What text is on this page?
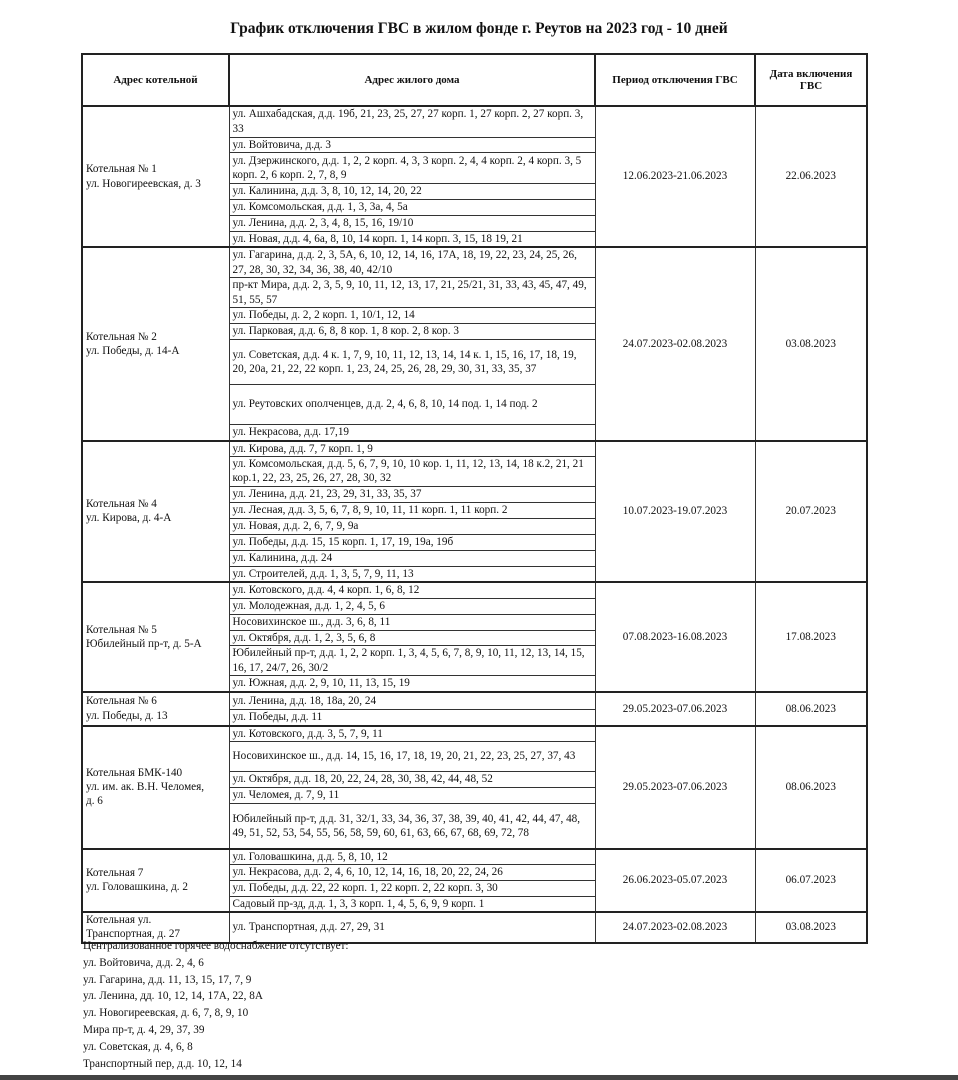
График отключения ГВС в жилом фонде г. Реутов на 2023 год - 10 дней
Адрес котельной	Адрес жилого дома	Период отключения ГВС	Дата включения ГВС
Котельная № 1
ул. Новогиреевская, д. 3	ул. Ашхабадская, д.д. 19б, 21, 23, 25, 27, 27 корп. 1, 27 корп. 2, 27 корп. 3, 33	12.06.2023-21.06.2023	22.06.2023
	ул. Войтовича, д.д. 3		
	ул. Дзержинского, д.д. 1, 2, 2 корп. 4, 3, 3 корп. 2, 4, 4 корп. 2, 4 корп. 3, 5 корп. 2, 6 корп. 2, 7, 8, 9		
	ул. Калинина, д.д. 3, 8, 10, 12, 14, 20, 22		
	ул. Комсомольская, д.д. 1, 3, 3а, 4, 5а		
	ул. Ленина, д.д. 2, 3, 4, 8, 15, 16, 19/10		
	ул. Новая, д.д. 4, 6а, 8, 10, 14 корп. 1, 14 корп. 3, 15, 18 19, 21		
Котельная № 2
ул. Победы, д. 14-А	ул. Гагарина, д.д. 2, 3, 5А, 6, 10, 12, 14, 16, 17А, 18, 19, 22, 23, 24, 25, 26, 27, 28, 30, 32, 34, 36, 38, 40, 42/10	24.07.2023-02.08.2023	03.08.2023
	пр-кт Мира, д.д. 2, 3, 5, 9, 10, 11, 12, 13, 17, 21, 25/21, 31, 33, 43, 45, 47, 49, 51, 55, 57		
	ул. Победы, д. 2, 2 корп. 1, 10/1, 12, 14		
	ул. Парковая, д.д. 6, 8, 8 кор. 1, 8 кор. 2, 8 кор. 3		
	ул. Советская, д.д. 4 к. 1, 7, 9, 10, 11, 12, 13, 14, 14 к. 1, 15, 16, 17, 18, 19, 20, 20а, 21, 22, 22 корп. 1, 23, 24, 25, 26, 28, 29, 30, 31, 33, 35, 37		
	ул. Реутовских ополченцев, д.д. 2, 4, 6, 8, 10, 14 под. 1, 14 под. 2		
	ул. Некрасова, д.д. 17,19		
Котельная № 4
ул. Кирова, д. 4-А	ул. Кирова, д.д. 7, 7 корп. 1, 9	10.07.2023-19.07.2023	20.07.2023
	ул. Комсомольская, д.д. 5, 6, 7, 9, 10, 10 кор. 1, 11, 12, 13, 14, 18 к.2, 21, 21 кор.1, 22, 23, 25, 26, 27, 28, 30, 32		
	ул. Ленина, д.д. 21, 23, 29, 31, 33, 35, 37		
	ул. Лесная, д.д. 3, 5, 6, 7, 8, 9, 10, 11, 11 корп. 1, 11 корп. 2		
	ул. Новая, д.д. 2, 6, 7, 9, 9а		
	ул. Победы, д.д. 15, 15 корп. 1, 17, 19, 19а, 19б		
	ул. Калинина, д.д. 24		
	ул. Строителей, д.д. 1, 3, 5, 7, 9, 11, 13		
Котельная № 5
Юбилейный пр-т, д. 5-А	ул. Котовского, д.д. 4, 4 корп. 1, 6, 8, 12	07.08.2023-16.08.2023	17.08.2023
	ул. Молодежная, д.д. 1, 2, 4, 5, 6		
	Носовихинское ш., д.д. 3, 6, 8, 11		
	ул. Октября, д.д. 1, 2, 3, 5, 6, 8		
	Юбилейный пр-т, д.д. 1, 2, 2 корп. 1, 3, 4, 5, 6, 7, 8, 9, 10, 11, 12, 13, 14, 15, 16, 17, 24/7, 26, 30/2		
	ул. Южная, д.д. 2, 9, 10, 11, 13, 15, 19		
Котельная № 6
ул. Победы, д. 13	ул. Ленина, д.д. 18, 18а, 20, 24	29.05.2023-07.06.2023	08.06.2023
	ул. Победы, д.д. 11		
Котельная БМК-140
ул. им. ак. В.Н. Челомея,
д. 6	ул. Котовского, д.д. 3, 5, 7, 9, 11	29.05.2023-07.06.2023	08.06.2023
	Носовихинское ш., д.д. 14, 15, 16, 17, 18, 19, 20, 21, 22, 23, 25, 27, 37, 43		
	ул. Октября, д.д. 18, 20, 22, 24, 28, 30, 38, 42, 44, 48, 52		
	ул. Челомея, д. 7, 9, 11		
	Юбилейный пр-т, д.д. 31, 32/1, 33, 34, 36, 37, 38, 39, 40, 41, 42, 44, 47, 48, 49, 51, 52, 53, 54, 55, 56, 58, 59, 60, 61, 63, 66, 67, 68, 69, 72, 78		
Котельная 7
ул. Головашкина, д. 2	ул. Головашкина, д.д. 5, 8, 10, 12	26.06.2023-05.07.2023	06.07.2023
	ул. Некрасова, д.д. 2, 4, 6, 10, 12, 14, 16, 18, 20, 22, 24, 26		
	ул. Победы, д.д. 22, 22 корп. 1, 22 корп. 2, 22 корп. 3, 30		
	Садовый пр-зд, д.д. 1, 3, 3 корп. 1, 4, 5, 6, 9, 9 корп. 1		
Котельная ул.
Транспортная, д. 27	ул. Транспортная, д.д. 27, 29, 31	24.07.2023-02.08.2023	03.08.2023
Централизованное горячее водоснабжение отсутствует:
ул. Войтовича, д.д. 2, 4, 6
ул. Гагарина, д.д. 11, 13, 15, 17, 7, 9
ул. Ленина, дд. 10, 12, 14, 17А, 22, 8А
ул. Новогиреевская, д. 6, 7, 8, 9, 10
Мира пр-т, д. 4, 29, 37, 39
ул. Советская, д. 4, 6, 8
Транспортный пер, д.д. 10, 12, 14
